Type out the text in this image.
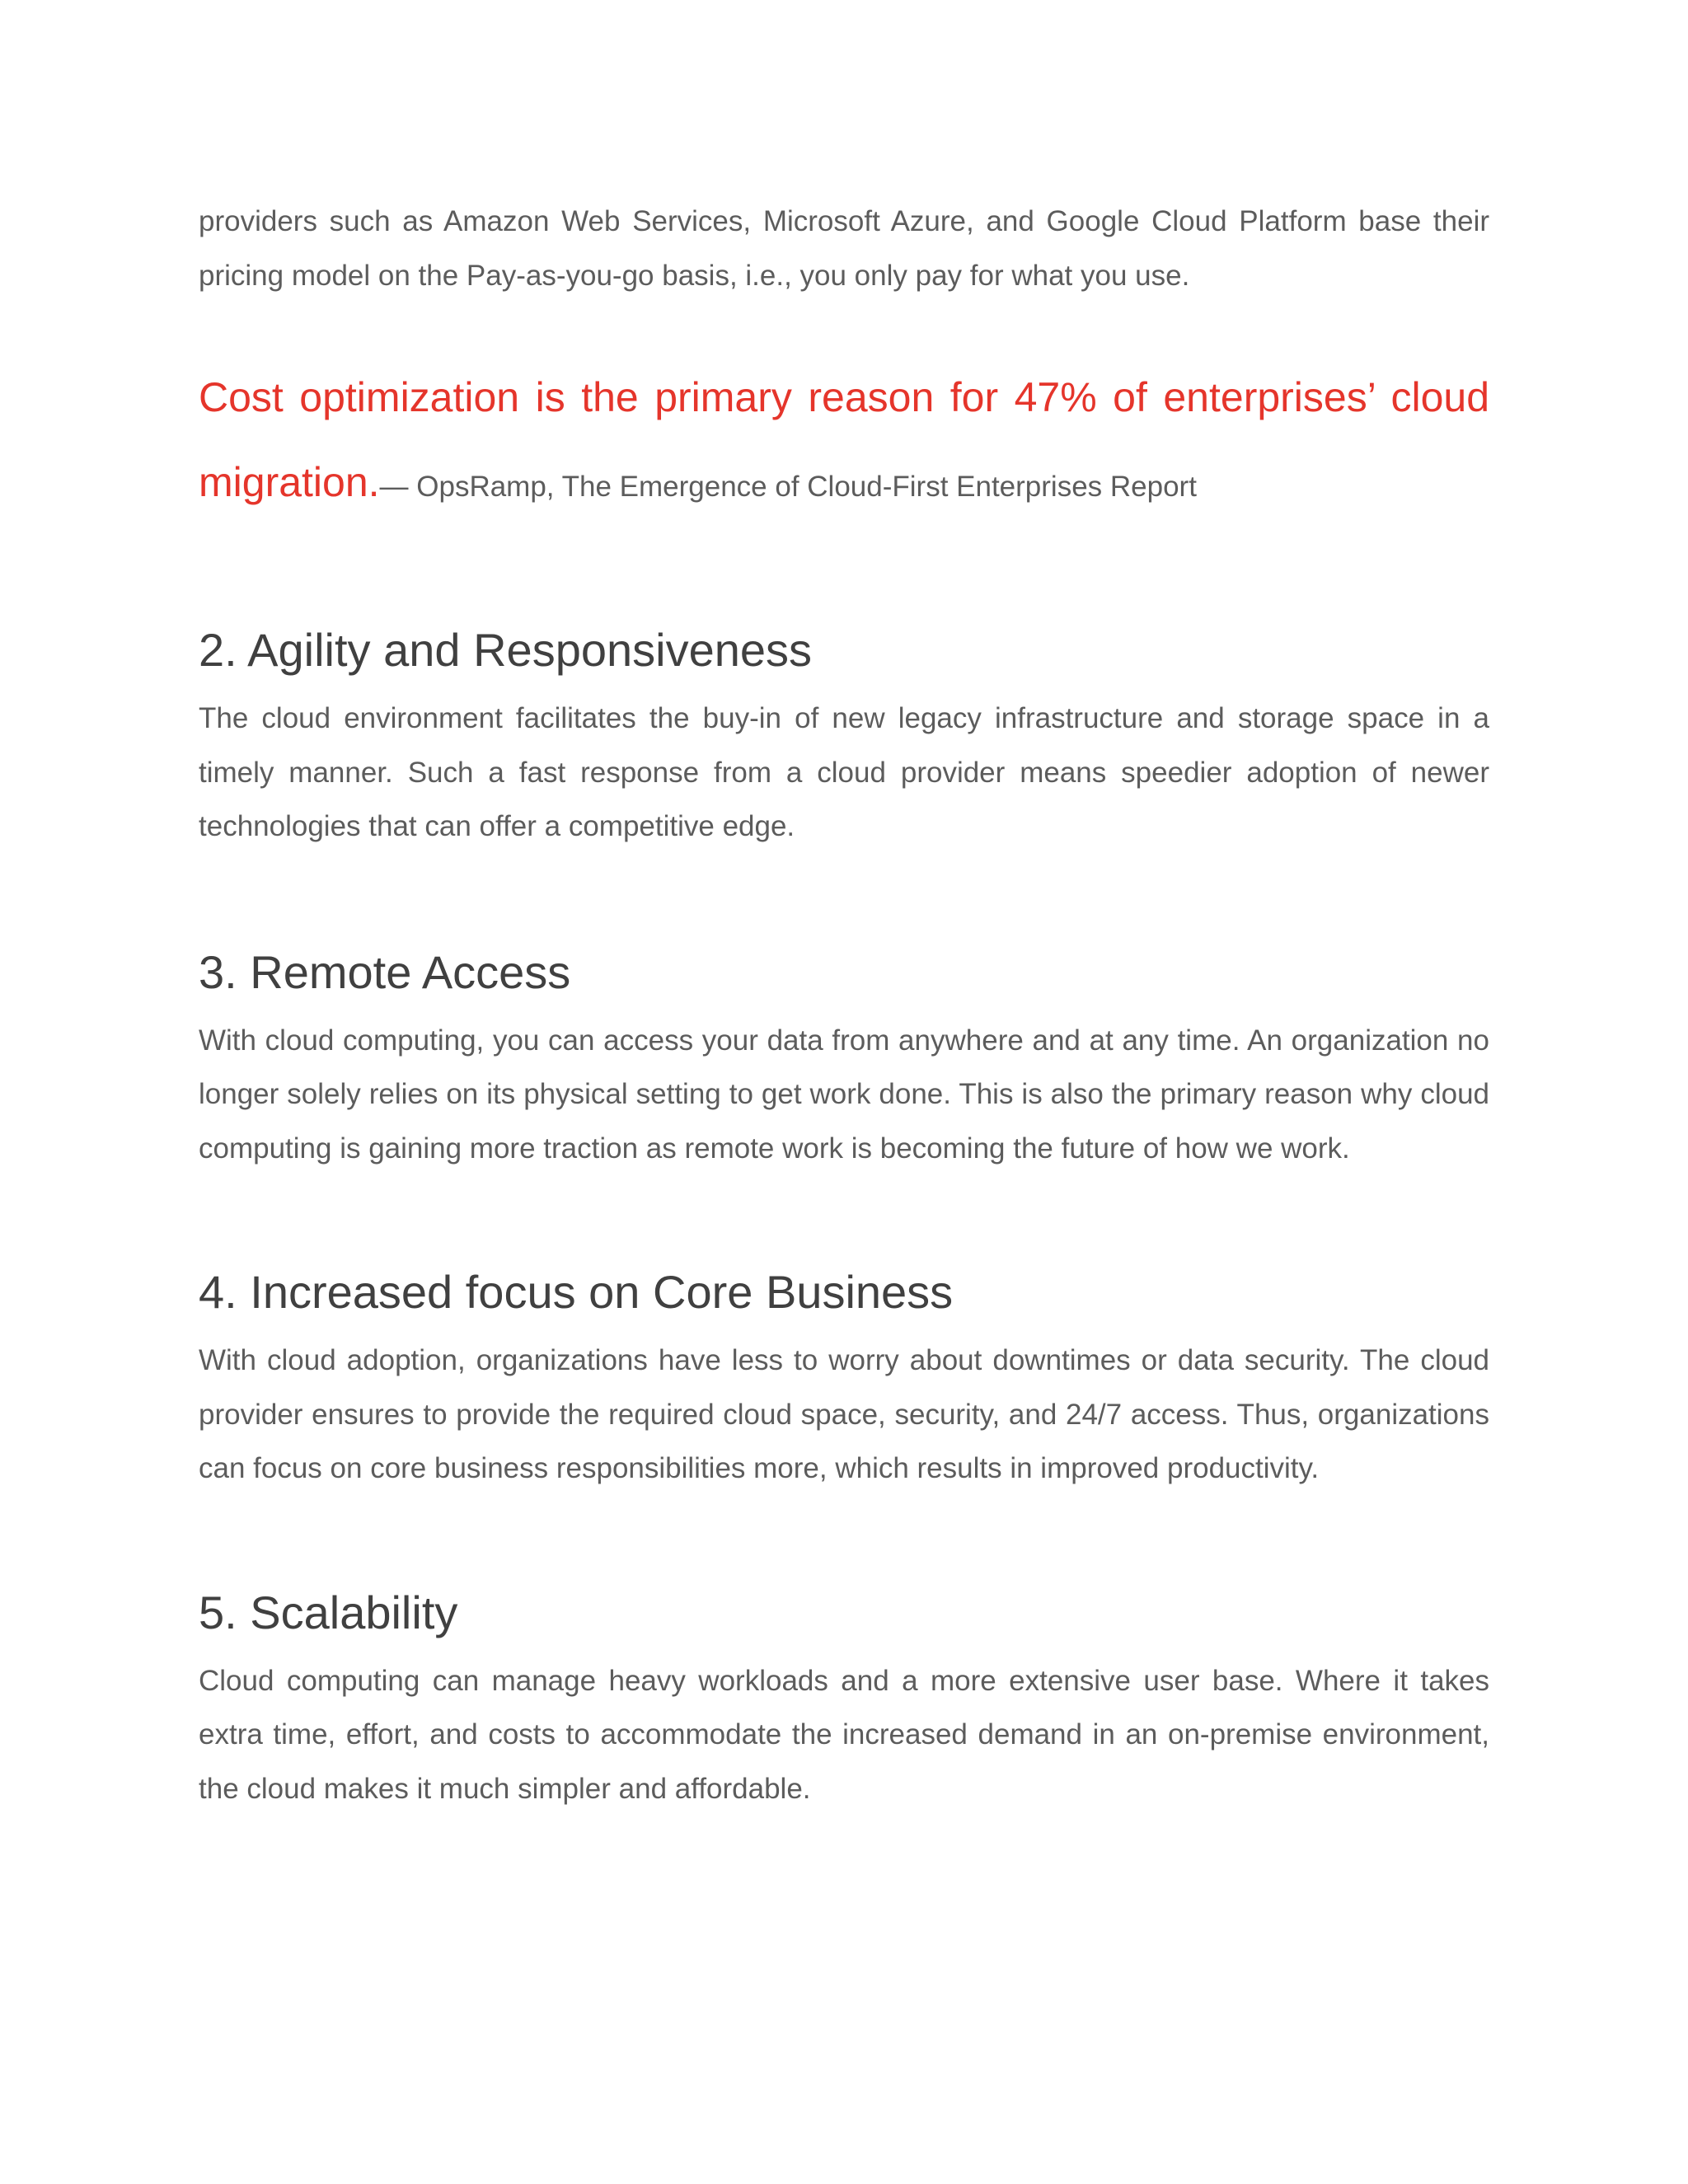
providers such as Amazon Web Services, Microsoft Azure, and Google Cloud Platform base their pricing model on the Pay-as-you-go basis, i.e., you only pay for what you use.

Cost optimization is the primary reason for 47% of enterprises’ cloud migration.— OpsRamp, The Emergence of Cloud-First Enterprises Report

2. Agility and Responsiveness

The cloud environment facilitates the buy-in of new legacy infrastructure and storage space in a timely manner. Such a fast response from a cloud provider means speedier adoption of newer technologies that can offer a competitive edge.

3. Remote Access

With cloud computing, you can access your data from anywhere and at any time. An organization no longer solely relies on its physical setting to get work done. This is also the primary reason why cloud computing is gaining more traction as remote work is becoming the future of how we work.

4. Increased focus on Core Business

With cloud adoption, organizations have less to worry about downtimes or data security. The cloud provider ensures to provide the required cloud space, security, and 24/7 access. Thus, organizations can focus on core business responsibilities more, which results in improved productivity.

5. Scalability

Cloud computing can manage heavy workloads and a more extensive user base. Where it takes extra time, effort, and costs to accommodate the increased demand in an on-premise environment, the cloud makes it much simpler and affordable.
